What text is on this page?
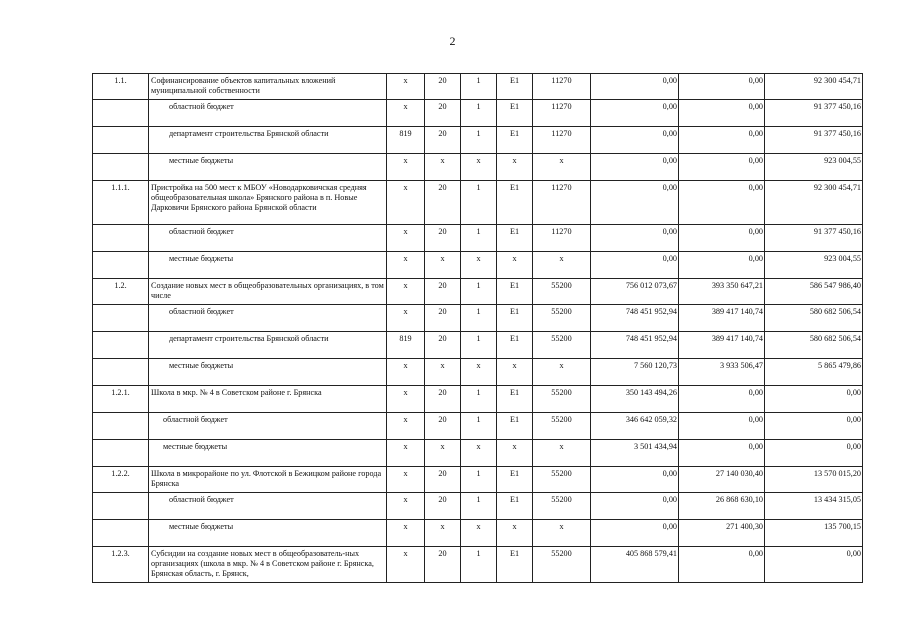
2
1.1.	Софинансирование объектов капитальных вложений муниципальной собственности	x	20	1	E1	11270	0,00	0,00	92 300 454,71
	областной бюджет	x	20	1	E1	11270	0,00	0,00	91 377 450,16
	департамент строительства Брянской области	819	20	1	E1	11270	0,00	0,00	91 377 450,16
	местные бюджеты	x	x	x	x	x	0,00	0,00	923 004,55
1.1.1.	Пристройка на 500 мест к МБОУ «Новодарковичская средняя общеобразовательная школа» Брянского района в п. Новые Дарковичи Брянского района Брянской области	x	20	1	E1	11270	0,00	0,00	92 300 454,71
	областной бюджет	x	20	1	E1	11270	0,00	0,00	91 377 450,16
	местные бюджеты	x	x	x	x	x	0,00	0,00	923 004,55
1.2.	Создание новых мест в общеобразовательных организациях, в том числе	x	20	1	E1	55200	756 012 073,67	393 350 647,21	586 547 986,40
	областной бюджет	x	20	1	E1	55200	748 451 952,94	389 417 140,74	580 682 506,54
	департамент строительства Брянской области	819	20	1	E1	55200	748 451 952,94	389 417 140,74	580 682 506,54
	местные бюджеты	x	x	x	x	x	7 560 120,73	3 933 506,47	5 865 479,86
1.2.1.	Школа в мкр. № 4 в Советском районе г. Брянска	x	20	1	E1	55200	350 143 494,26	0,00	0,00
	областной бюджет	x	20	1	E1	55200	346 642 059,32	0,00	0,00
	местные бюджеты	x	x	x	x	x	3 501 434,94	0,00	0,00
1.2.2.	Школа в микрорайоне по ул. Флотской в Бежицком районе города Брянска	x	20	1	E1	55200	0,00	27 140 030,40	13 570 015,20
	областной бюджет	x	20	1	E1	55200	0,00	26 868 630,10	13 434 315,05
	местные бюджеты	x	x	x	x	x	0,00	271 400,30	135 700,15
1.2.3.	Субсидии на создание новых мест в общеобразователь-ных организациях (школа в мкр. № 4 в Советском районе г. Брянска, Брянская область, г. Брянск,	x	20	1	E1	55200	405 868 579,41	0,00	0,00
